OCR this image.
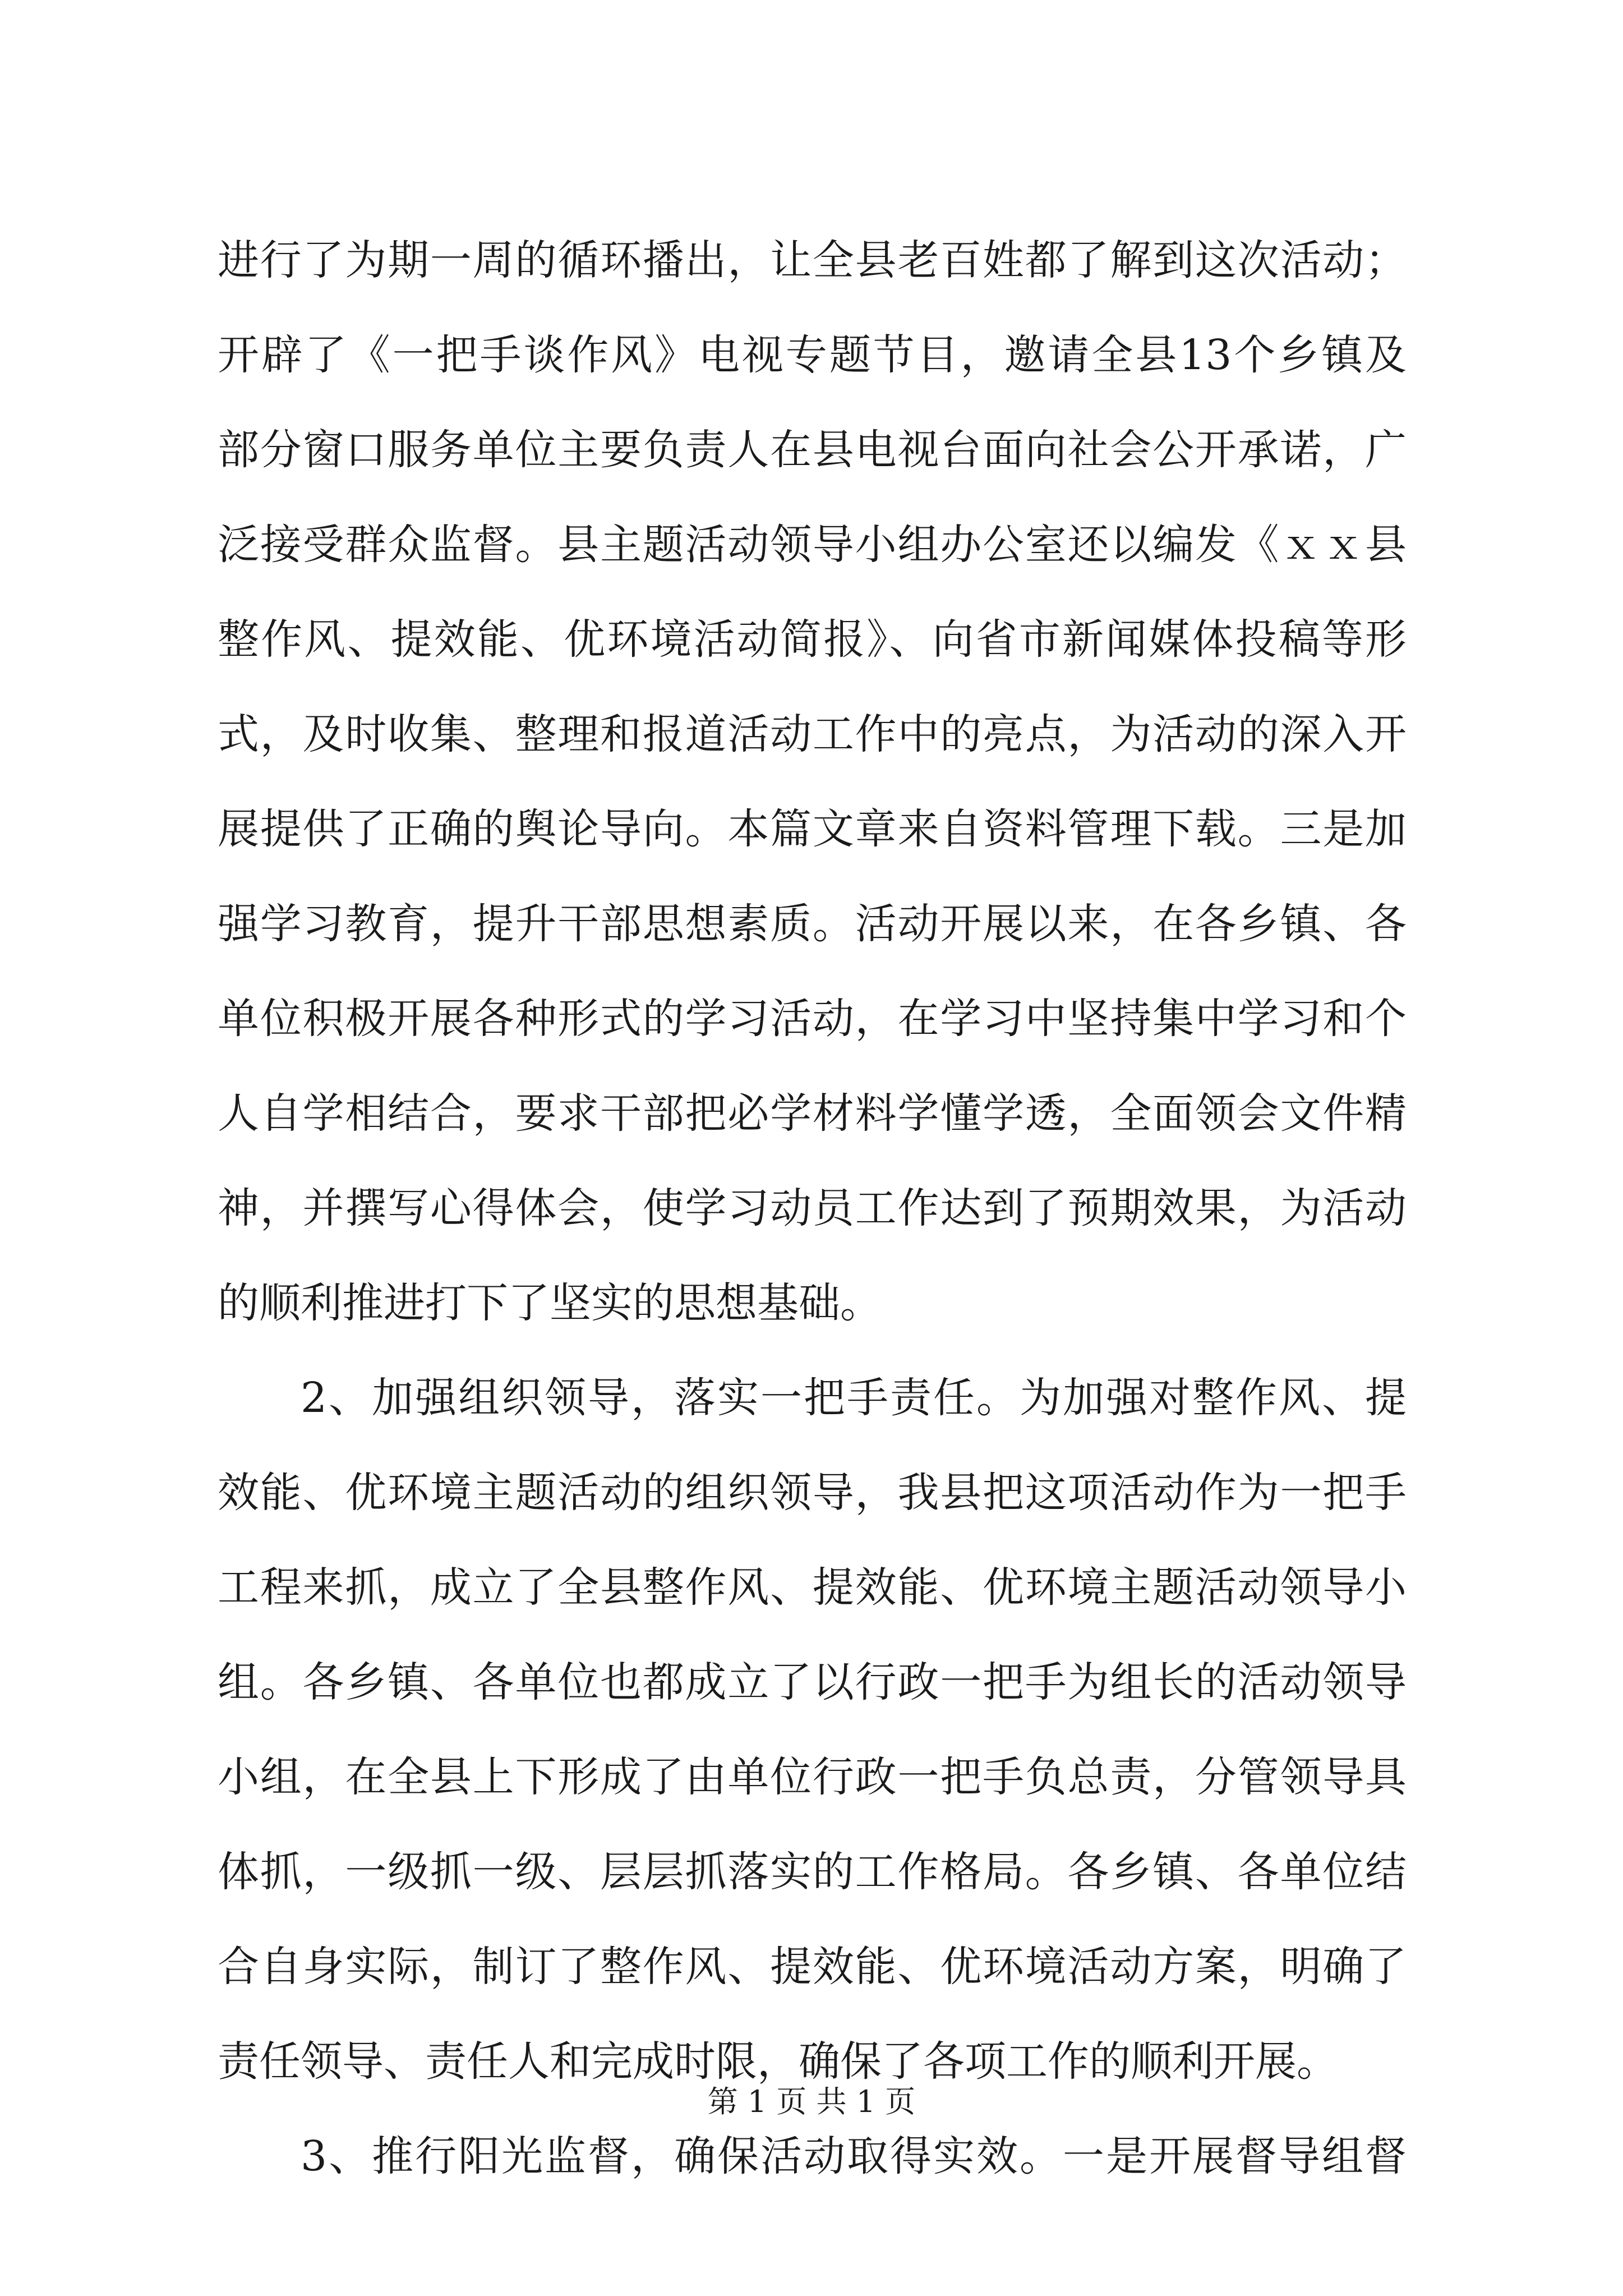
进行了为期一周的循环播出，让全县老百姓都了解到这次活动；
开辟了《一把手谈作风》电视专题节目，邀请全县13个乡镇及
部分窗口服务单位主要负责人在县电视台面向社会公开承诺，广
泛接受群众监督。县主题活动领导小组办公室还以编发《ｘｘ县
整作风、提效能、优环境活动简报》、向省市新闻媒体投稿等形
式，及时收集、整理和报道活动工作中的亮点，为活动的深入开
展提供了正确的舆论导向。本篇文章来自资料管理下载。三是加
强学习教育，提升干部思想素质。活动开展以来，在各乡镇、各
单位积极开展各种形式的学习活动，在学习中坚持集中学习和个
人自学相结合，要求干部把必学材料学懂学透，全面领会文件精
神，并撰写心得体会，使学习动员工作达到了预期效果，为活动
的顺利推进打下了坚实的思想基础。
2、加强组织领导，落实一把手责任。为加强对整作风、提
效能、优环境主题活动的组织领导，我县把这项活动作为一把手
工程来抓，成立了全县整作风、提效能、优环境主题活动领导小
组。各乡镇、各单位也都成立了以行政一把手为组长的活动领导
小组，在全县上下形成了由单位行政一把手负总责，分管领导具
体抓，一级抓一级、层层抓落实的工作格局。各乡镇、各单位结
合自身实际，制订了整作风、提效能、优环境活动方案，明确了
责任领导、责任人和完成时限，确保了各项工作的顺利开展。
3、推行阳光监督，确保活动取得实效。一是开展督导组督
第 1 页 共 1 页
